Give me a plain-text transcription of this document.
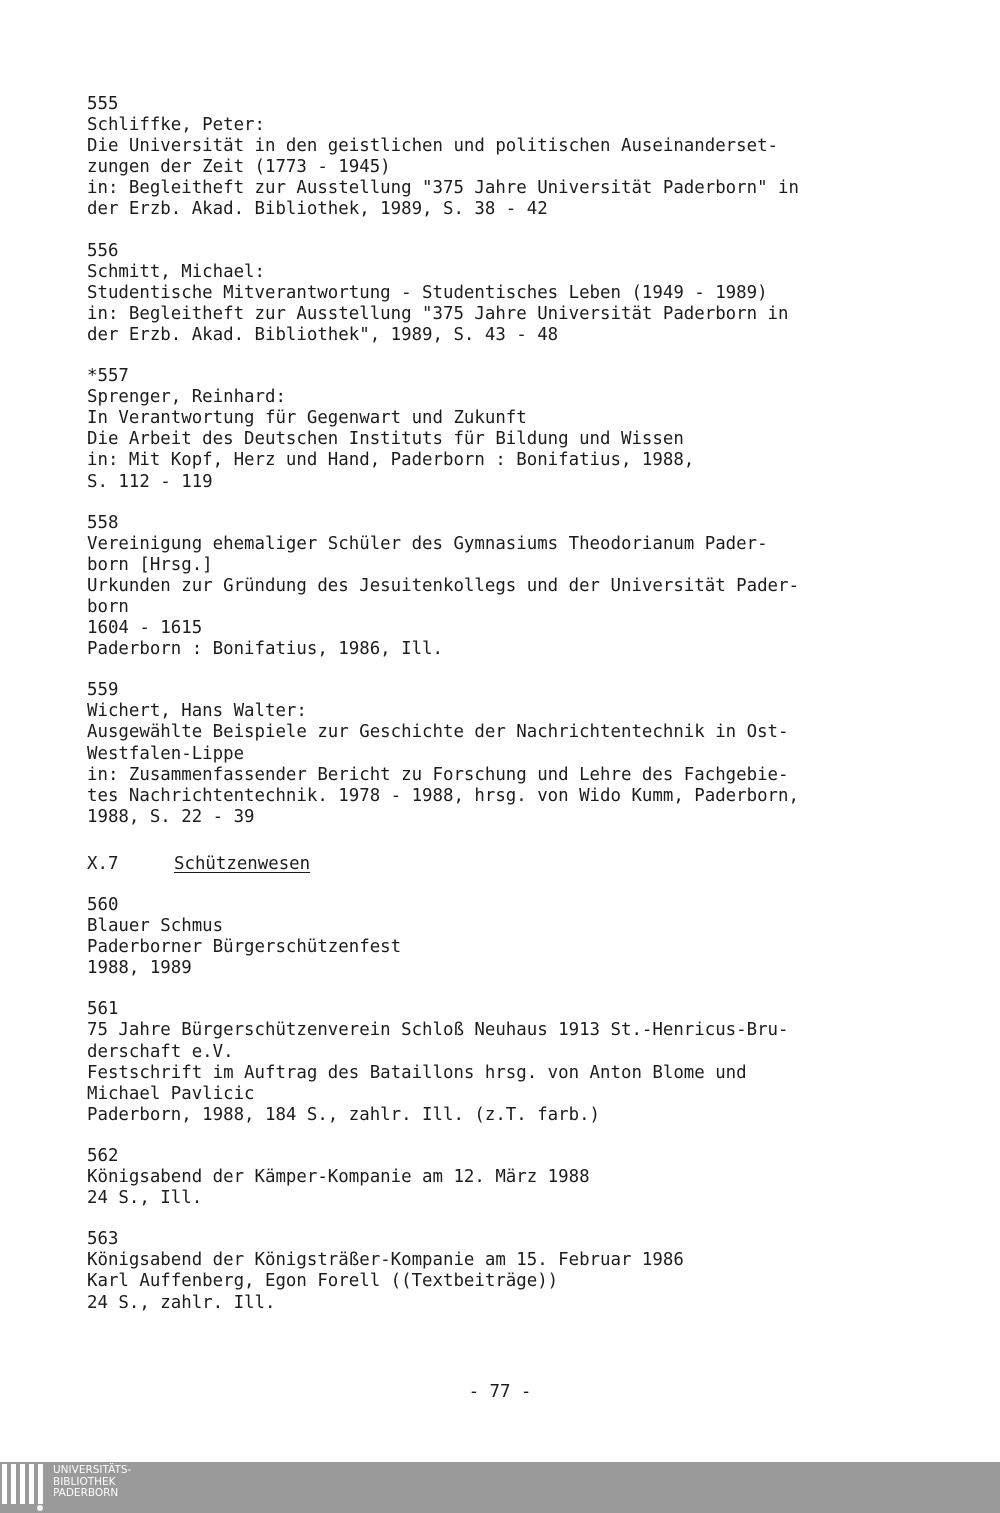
555
Schliffke, Peter:
Die Universität in den geistlichen und politischen Auseinanderset-
zungen der Zeit (1773 - 1945)
in: Begleitheft zur Ausstellung "375 Jahre Universität Paderborn" in
der Erzb. Akad. Bibliothek, 1989, S. 38 - 42
556
Schmitt, Michael:
Studentische Mitverantwortung - Studentisches Leben (1949 - 1989)
in: Begleitheft zur Ausstellung "375 Jahre Universität Paderborn in
der Erzb. Akad. Bibliothek", 1989, S. 43 - 48
*557
Sprenger, Reinhard:
In Verantwortung für Gegenwart und Zukunft
Die Arbeit des Deutschen Instituts für Bildung und Wissen
in: Mit Kopf, Herz und Hand, Paderborn : Bonifatius, 1988,
S. 112 - 119
558
Vereinigung ehemaliger Schüler des Gymnasiums Theodorianum Pader-
born [Hrsg.]
Urkunden zur Gründung des Jesuitenkollegs und der Universität Pader-
born
1604 - 1615
Paderborn : Bonifatius, 1986, Ill.
559
Wichert, Hans Walter:
Ausgewählte Beispiele zur Geschichte der Nachrichtentechnik in Ost-
Westfalen-Lippe
in: Zusammenfassender Bericht zu Forschung und Lehre des Fachgebie-
tes Nachrichtentechnik. 1978 - 1988, hrsg. von Wido Kumm, Paderborn,
1988, S. 22 - 39
X.7	Schützenwesen
560
Blauer Schmus
Paderborner Bürgerschützenfest
1988, 1989
561
75 Jahre Bürgerschützenverein Schloß Neuhaus 1913 St.-Henricus-Bru-
derschaft e.V.
Festschrift im Auftrag des Bataillons hrsg. von Anton Blome und
Michael Pavlicic
Paderborn, 1988, 184 S., zahlr. Ill. (z.T. farb.)
562
Königsabend der Kämper-Kompanie am 12. März 1988
24 S., Ill.
563
Königsabend der Königsträßer-Kompanie am 15. Februar 1986
Karl Auffenberg, Egon Forell ((Textbeiträge))
24 S., zahlr. Ill.
- 77 -
UNIVERSITÄTS-
BIBLIOTHEK
PADERBORN
